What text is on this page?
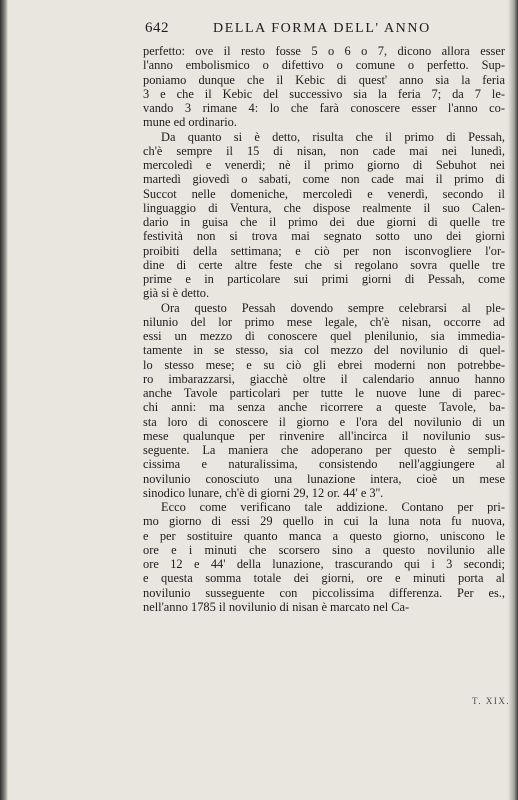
642	DELLA FORMA DELL' ANNO
perfetto: ove il resto fosse 5 o 6 o 7, dicono allora esser
l'anno embolismico o difettivo o comune o perfetto. Sup-
poniamo dunque che il Kebic di quest' anno sia la feria
3 e che il Kebic del successivo sia la feria 7; da 7 le-
vando 3 rimane 4: lo che farà conoscere esser l'anno co-
mune ed ordinario.
Da quanto si è detto, risulta che il primo di Pessah,
ch'è sempre il 15 di nisan, non cade mai nei lunedì,
mercoledì e venerdì; nè il primo giorno di Sebuhot nei
martedì giovedì o sabati, come non cade mai il primo di
Succot nelle domeniche, mercoledì e venerdì, secondo il
linguaggio di Ventura, che dispose realmente il suo Calen-
dario in guisa che il primo dei due giorni di quelle tre
festività non si trova mai segnato sotto uno dei giorni
proibiti della settimana; e ciò per non isconvogliere l'or-
dine di certe altre feste che si regolano sovra quelle tre
prime e in particolare sui primi giorni di Pessah, come
già si è detto.
Ora questo Pessah dovendo sempre celebrarsi al ple-
nilunio del lor primo mese legale, ch'è nisan, occorre ad
essi un mezzo di conoscere quel plenilunio, sia immedia-
tamente in se stesso, sia col mezzo del novilunio di quel-
lo stesso mese; e su ciò gli ebrei moderni non potrebbe-
ro imbarazzarsi, giacchè oltre il calendario annuo hanno
anche Tavole particolari per tutte le nuove lune di parec-
chi anni: ma senza anche ricorrere a queste Tavole, ba-
sta loro di conoscere il giorno e l'ora del novilunio di un
mese qualunque per rinvenire all'incirca il novilunio sus-
seguente. La maniera che adoperano per questo è sempli-
cissima e naturalissima, consistendo nell'aggiungere al
novilunio conosciuto una lunazione intera, cioè un mese
sinodico lunare, ch'è di giorni 29, 12 or. 44' e 3''.
Ecco come verificano tale addizione. Contano per pri-
mo giorno di essi 29 quello in cui la luna nota fu nuova,
e per sostituire quanto manca a questo giorno, uniscono le
ore e i minuti che scorsero sino a questo novilunio alle
ore 12 e 44' della lunazione, trascurando qui i 3 secondi;
e questa somma totale dei giorni, ore e minuti porta al
novilunio susseguente con piccolissima differenza. Per es.,
nell'anno 1785 il novilunio di nisan è marcato nel Ca-
T. XIX.
